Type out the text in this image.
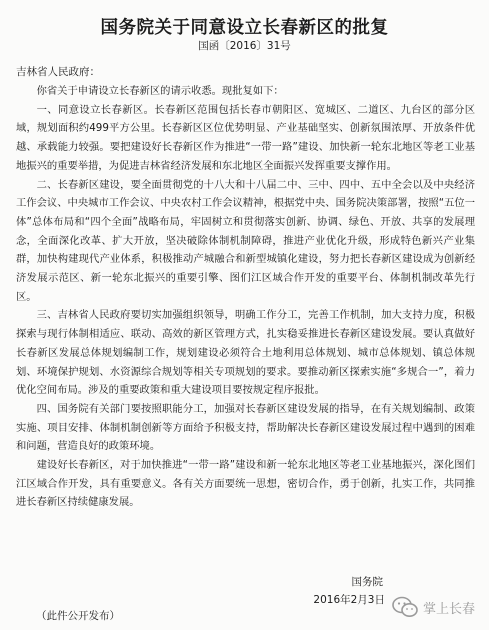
国务院关于同意设立长春新区的批复
国函〔2016〕31号
吉林省人民政府：

你省关于申请设立长春新区的请示收悉。现批复如下：

一、同意设立长春新区。长春新区范围包括长春市朝阳区、宽城区、二道区、九台区的部分区域，规划面积约499平方公里。长春新区区位优势明显、产业基础坚实、创新氛围浓厚、开放条件优越、承载能力较强。要把建设好长春新区作为推进“一带一路”建设、加快新一轮东北地区等老工业基地振兴的重要举措，为促进吉林省经济发展和东北地区全面振兴发挥重要支撑作用。

二、长春新区建设，要全面贯彻党的十八大和十八届二中、三中、四中、五中全会以及中央经济工作会议、中央城市工作会议、中央农村工作会议精神，根据党中央、国务院决策部署，按照“五位一体”总体布局和“四个全面”战略布局，牢固树立和贯彻落实创新、协调、绿色、开放、共享的发展理念，全面深化改革、扩大开放，坚决破除体制机制障碍，推进产业优化升级，形成特色新兴产业集群，加快构建现代产业体系，积极推动产城融合和新型城镇化建设，努力把长春新区建设成为创新经济发展示范区、新一轮东北振兴的重要引擎、图们江区域合作开发的重要平台、体制机制改革先行区。

三、吉林省人民政府要切实加强组织领导，明确工作分工，完善工作机制，加大支持力度，积极探索与现行体制相适应、联动、高效的新区管理方式，扎实稳妥推进长春新区建设发展。要认真做好长春新区发展总体规划编制工作，规划建设必须符合土地利用总体规划、城市总体规划、镇总体规划、环境保护规划、水资源综合规划等相关专项规划的要求。要推动新区探索实施“多规合一”，着力优化空间布局。涉及的重要政策和重大建设项目要按规定程序报批。

四、国务院有关部门要按照职能分工，加强对长春新区建设发展的指导，在有关规划编制、政策实施、项目安排、体制机制创新等方面给予积极支持，帮助解决长春新区建设发展过程中遇到的困难和问题，营造良好的政策环境。

建设好长春新区，对于加快推进“一带一路”建设和新一轮东北地区等老工业基地振兴，深化图们江区域合作开发，具有重要意义。各有关方面要统一思想，密切合作，勇于创新，扎实工作，共同推进长春新区持续健康发展。

国务院
2016年2月3日
（此件公开发布）	掌上长春
